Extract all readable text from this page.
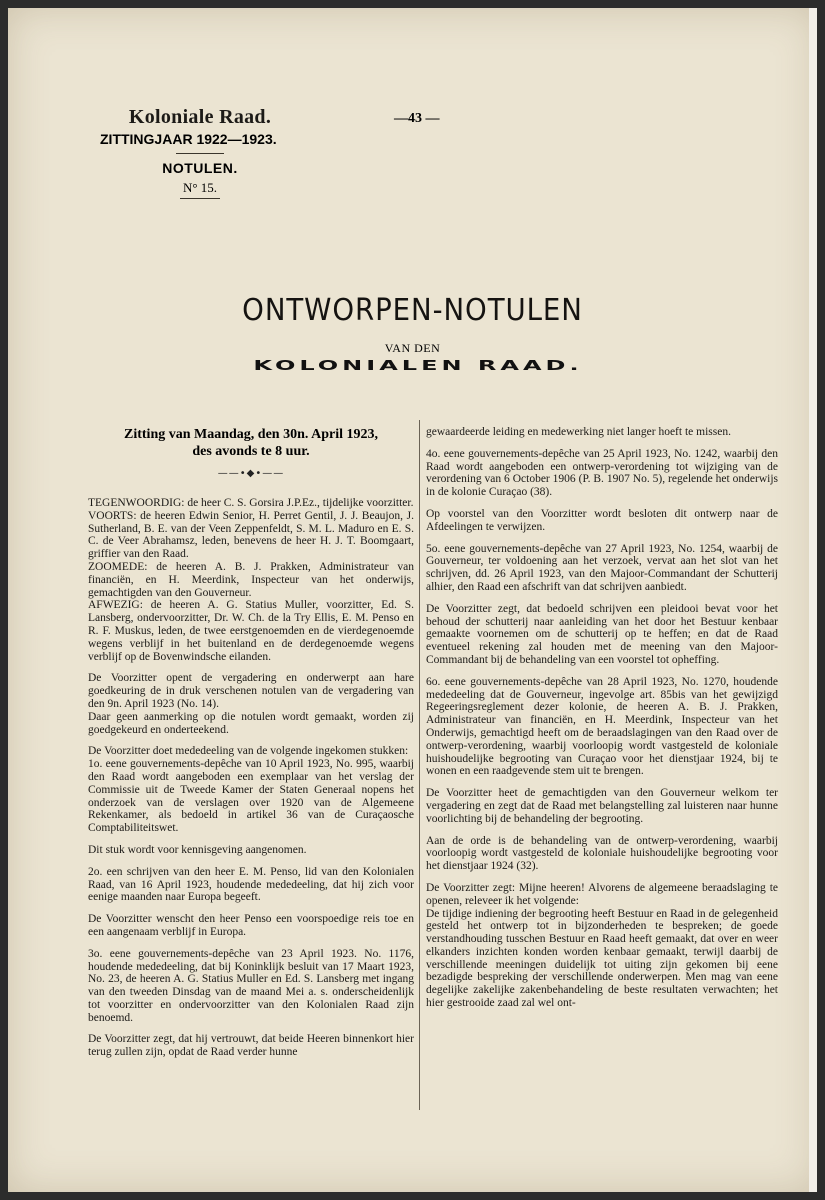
Koloniale Raad.
ZITTINGJAAR 1922—1923.
NOTULEN.
N° 15.
—43 —
ONTWORPEN-NOTULEN
VAN DEN
KOLONIALEN RAAD.
Zitting van Maandag, den 30n. April 1923,
des avonds te 8 uur.
——•◆•——

TEGENWOORDIG: de heer C. S. Gorsira J.P.Ez., tijdelijke voorzitter.

VOORTS: de heeren Edwin Senior, H. Perret Gentil, J. J. Beaujon, J. Sutherland, B. E. van der Veen Zeppenfeldt, S. M. L. Maduro en E. S. C. de Veer Abrahamsz, leden, benevens de heer H. J. T. Boomgaart, griffier van den Raad.

ZOOMEDE: de heeren A. B. J. Prakken, Administrateur van financiën, en H. Meerdink, Inspecteur van het onderwijs, gemachtigden van den Gouverneur.

AFWEZIG: de heeren A. G. Statius Muller, voorzitter, Ed. S. Lansberg, ondervoorzitter, Dr. W. Ch. de la Try Ellis, E. M. Penso en R. F. Muskus, leden, de twee eerstgenoemden en de vierdegenoemde wegens verblijf in het buitenland en de derdegenoemde wegens verblijf op de Bovenwindsche eilanden.

De Voorzitter opent de vergadering en onderwerpt aan hare goedkeuring de in druk verschenen notulen van de vergadering van den 9n. April 1923 (No. 14).

Daar geen aanmerking op die notulen wordt gemaakt, worden zij goedgekeurd en onderteekend.

De Voorzitter doet mededeeling van de volgende ingekomen stukken:

1o. eene gouvernements-depêche van 10 April 1923, No. 995, waarbij den Raad wordt aangeboden een exemplaar van het verslag der Commissie uit de Tweede Kamer der Staten Generaal nopens het onderzoek van de verslagen over 1920 van de Algemeene Rekenkamer, als bedoeld in artikel 36 van de Curaçaosche Comptabiliteitswet.

Dit stuk wordt voor kennisgeving aangenomen.

2o. een schrijven van den heer E. M. Penso, lid van den Kolonialen Raad, van 16 April 1923, houdende mededeeling, dat hij zich voor eenige maanden naar Europa begeeft.

De Voorzitter wenscht den heer Penso een voorspoedige reis toe en een aangenaam verblijf in Europa.

3o. eene gouvernements-depêche van 23 April 1923. No. 1176, houdende mededeeling, dat bij Koninklijk besluit van 17 Maart 1923, No. 23, de heeren A. G. Statius Muller en Ed. S. Lansberg met ingang van den tweeden Dinsdag van de maand Mei a. s. onderscheidenlijk tot voorzitter en ondervoorzitter van den Kolonialen Raad zijn benoemd.

De Voorzitter zegt, dat hij vertrouwt, dat beide Heeren binnenkort hier terug zullen zijn, opdat de Raad verder hunne

gewaardeerde leiding en medewerking niet langer hoeft te missen.

4o. eene gouvernements-depêche van 25 April 1923, No. 1242, waarbij den Raad wordt aangeboden een ontwerp-verordening tot wijziging van de verordening van 6 October 1906 (P. B. 1907 No. 5), regelende het onderwijs in de kolonie Curaçao (38).

Op voorstel van den Voorzitter wordt besloten dit ontwerp naar de Afdeelingen te verwijzen.

5o. eene gouvernements-depêche van 27 April 1923, No. 1254, waarbij de Gouverneur, ter voldoening aan het verzoek, vervat aan het slot van het schrijven, dd. 26 April 1923, van den Majoor-Commandant der Schutterij alhier, den Raad een afschrift van dat schrijven aanbiedt.

De Voorzitter zegt, dat bedoeld schrijven een pleidooi bevat voor het behoud der schutterij naar aanleiding van het door het Bestuur kenbaar gemaakte voornemen om de schutterij op te heffen; en dat de Raad eventueel rekening zal houden met de meening van den Majoor-Commandant bij de behandeling van een voorstel tot opheffing.

6o. eene gouvernements-depêche van 28 April 1923, No. 1270, houdende mededeeling dat de Gouverneur, ingevolge art. 85bis van het gewijzigd Regeeringsreglement dezer kolonie, de heeren A. B. J. Prakken, Administrateur van financiën, en H. Meerdink, Inspecteur van het Onderwijs, gemachtigd heeft om de beraadslagingen van den Raad over de ontwerp-verordening, waarbij voorloopig wordt vastgesteld de koloniale huishoudelijke begrooting van Curaçao voor het dienstjaar 1924, bij te wonen en een raadgevende stem uit te brengen.

De Voorzitter heet de gemachtigden van den Gouverneur welkom ter vergadering en zegt dat de Raad met belangstelling zal luisteren naar hunne voorlichting bij de behandeling der begrooting.

Aan de orde is de behandeling van de ontwerp-verordening, waarbij voorloopig wordt vastgesteld de koloniale huishoudelijke begrooting voor het dienstjaar 1924 (32).

De Voorzitter zegt: Mijne heeren! Alvorens de algemeene beraadslaging te openen, releveer ik het volgende:

De tijdige indiening der begrooting heeft Bestuur en Raad in de gelegenheid gesteld het ontwerp tot in bijzonderheden te bespreken; de goede verstandhouding tusschen Bestuur en Raad heeft gemaakt, dat over en weer elkanders inzichten konden worden kenbaar gemaakt, terwijl daarbij de verschillende meeningen duidelijk tot uiting zijn gekomen bij eene bezadigde bespreking der verschillende onderwerpen. Men mag van eene degelijke zakelijke zakenbehandeling de beste resultaten verwachten; het hier gestrooide zaad zal wel ont-
